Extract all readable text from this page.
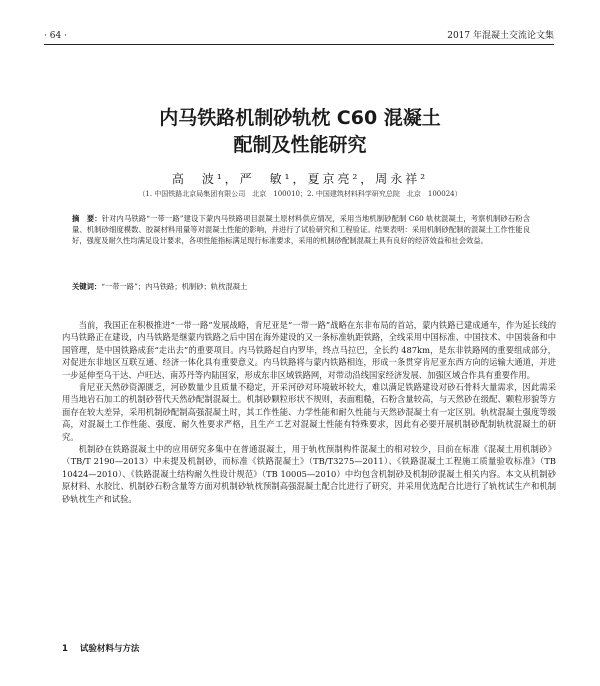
· 64 ·	2017 年混凝土交流论文集
内马铁路机制砂轨枕 C60 混凝土
配制及性能研究
高　波¹，严　敏¹，夏京亮²，周永祥²
（1. 中国铁路北京局集团有限公司　北京　100010；2. 中国建筑材料科学研究总院　北京　100024）
摘　要：针对内马铁路“一带一路”建设下蒙内马铁路项目混凝土原材料供应情况，采用当地机制砂配制 C60 轨枕混凝土，考察机制砂石粉含量、机制砂细度模数、胶凝材料用量等对混凝土性能的影响，并进行了试验研究和工程验证。结果表明：采用机制砂配制的混凝土工作性能良好，强度及耐久性均满足设计要求，各项性能指标满足现行标准要求，采用的机制砂配制混凝土具有良好的经济效益和社会效益。
关键词：“一带一路”；内马铁路；机制砂；轨枕混凝土

当前，我国正在积极推进“一带一路”发展战略，肯尼亚是“一带一路”战略在东非布局的首站，蒙内铁路已建成通车，作为延长线的内马铁路正在建设，内马铁路是继蒙内铁路之后中国在海外建设的又一条标准轨距铁路，全线采用中国标准、中国技术、中国装备和中国管理，是中国铁路成套“走出去”的重要项目。内马铁路起自内罗毕，终点马拉巴，全长约 487km，是东非铁路网的重要组成部分，对促进东非地区互联互通、经济一体化具有重要意义。内马铁路将与蒙内铁路相连，形成一条贯穿肯尼亚东西方向的运输大通道，并进一步延伸至乌干达、卢旺达、南苏丹等内陆国家，形成东非区域铁路网，对带动沿线国家经济发展、加强区域合作具有重要作用。

肯尼亚天然砂资源匮乏，河砂数量少且质量不稳定，开采河砂对环境破坏较大，难以满足铁路建设对砂石骨料大量需求，因此需采用当地岩石加工的机制砂替代天然砂配制混凝土。机制砂颗粒形状不规则，表面粗糙，石粉含量较高，与天然砂在级配、颗粒形貌等方面存在较大差异，采用机制砂配制高强混凝土时，其工作性能、力学性能和耐久性能与天然砂混凝土有一定区别。轨枕混凝土强度等级高，对混凝土工作性能、强度、耐久性要求严格，且生产工艺对混凝土性能有特殊要求，因此有必要开展机制砂配制轨枕混凝土的研究。

机制砂在铁路混凝土中的应用研究多集中在普通混凝土，用于轨枕预制构件混凝土的相对较少，目前在标准《混凝土用机制砂》（TB/T 2190—2013）中未提及机制砂，而标准《铁路混凝土》（TB/T3275—2011）、《铁路混凝土工程施工质量验收标准》（TB 10424—2010）、《铁路混凝土结构耐久性设计规范》（TB 10005—2010）中均包含机制砂及机制砂混凝土相关内容。本文从机制砂原材料、水胶比、机制砂石粉含量等方面对机制砂轨枕预制高强混凝土配合比进行了研究，并采用优选配合比进行了轨枕试生产和机制砂轨枕生产和试验。

1 试验材料与方法
